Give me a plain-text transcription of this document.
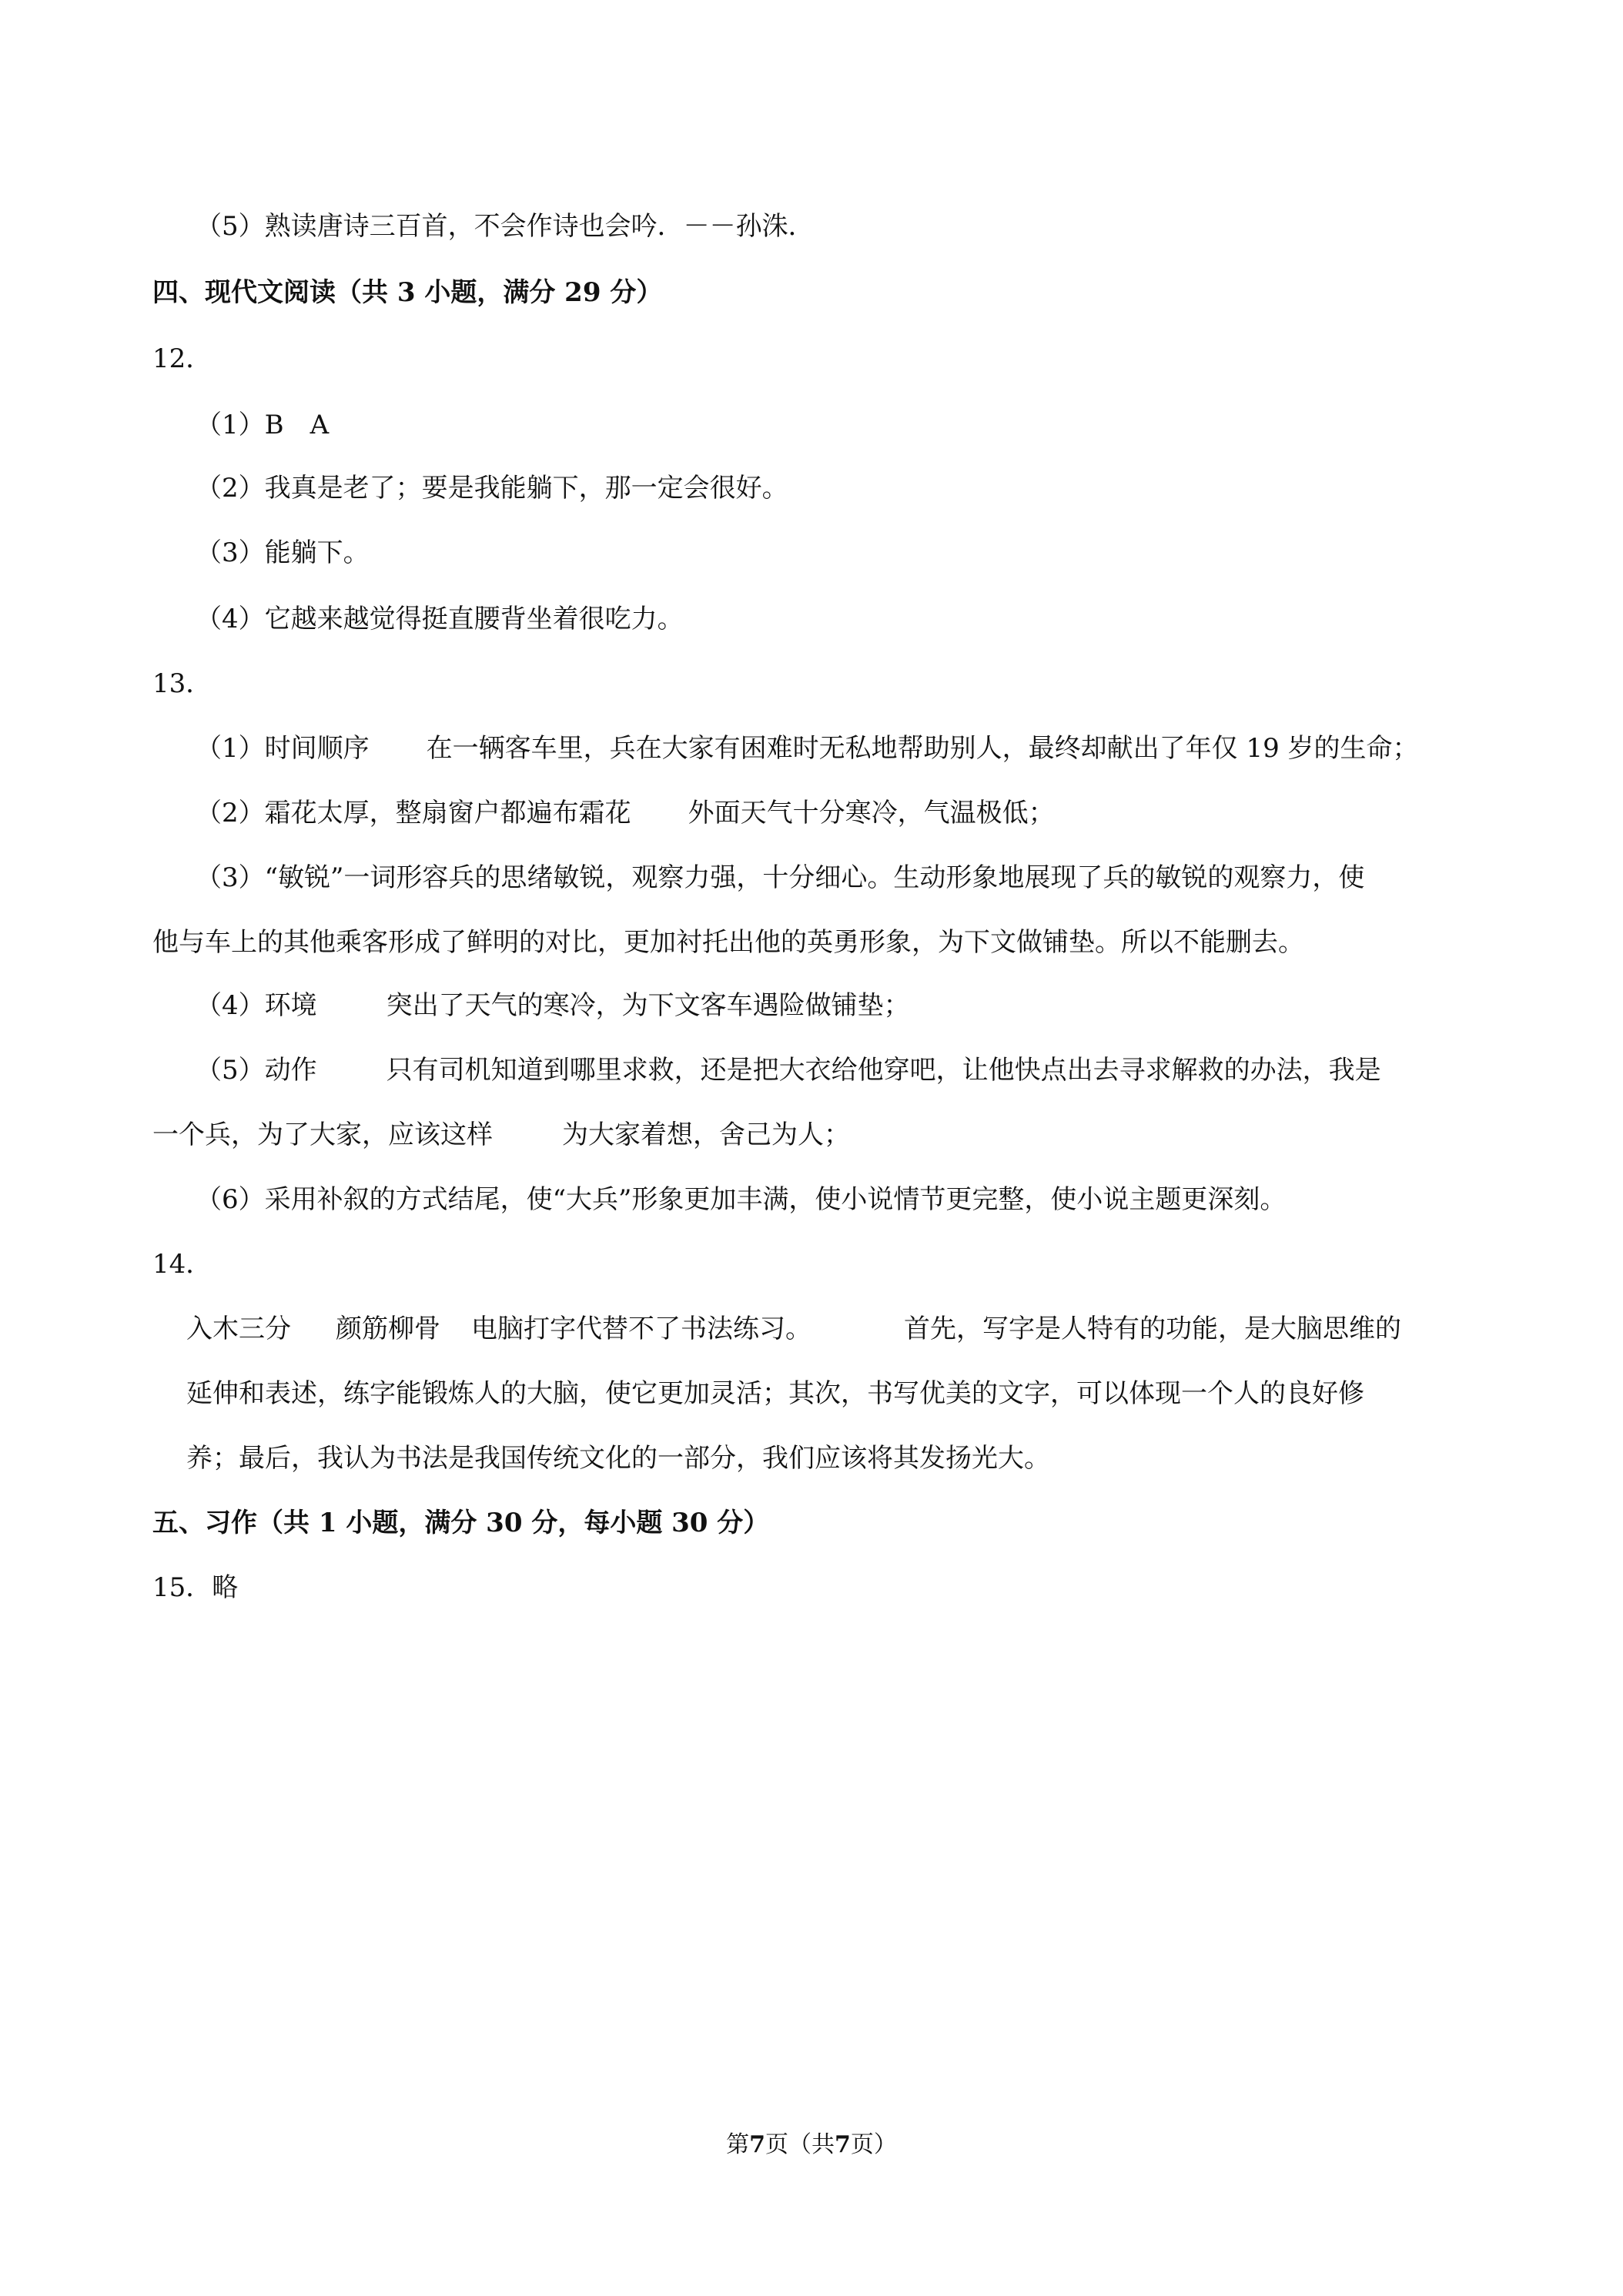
（5）熟读唐诗三百首，不会作诗也会吟．－－孙洙．
四、现代文阅读（共 3 小题，满分 29 分）
12．
（1）B　A
（2）我真是老了；要是我能躺下，那一定会很好。
（3）能躺下。
（4）它越来越觉得挺直腰背坐着很吃力。
13．
（1）时间顺序 在一辆客车里，兵在大家有困难时无私地帮助别人，最终却献出了年仅 19 岁的生命；
（2）霜花太厚，整扇窗户都遍布霜花 外面天气十分寒冷，气温极低；
（3）“敏锐”一词形容兵的思绪敏锐，观察力强，十分细心。生动形象地展现了兵的敏锐的观察力，使
他与车上的其他乘客形成了鲜明的对比，更加衬托出他的英勇形象，为下文做铺垫。所以不能删去。
（4）环境	突出了天气的寒冷，为下文客车遇险做铺垫；
（5）动作	只有司机知道到哪里求救，还是把大衣给他穿吧，让他快点出去寻求解救的办法，我是
一个兵，为了大家，应该这样	为大家着想，舍己为人；
（6）采用补叙的方式结尾，使“大兵”形象更加丰满，使小说情节更完整，使小说主题更深刻。
14．
入木三分 颜筋柳骨 电脑打字代替不了书法练习。	首先，写字是人特有的功能，是大脑思维的
延伸和表述，练字能锻炼人的大脑，使它更加灵活；其次，书写优美的文字，可以体现一个人的良好修
养；最后，我认为书法是我国传统文化的一部分，我们应该将其发扬光大。
五、习作（共 1 小题，满分 30 分，每小题 30 分）
15．略
第7页（共7页）
